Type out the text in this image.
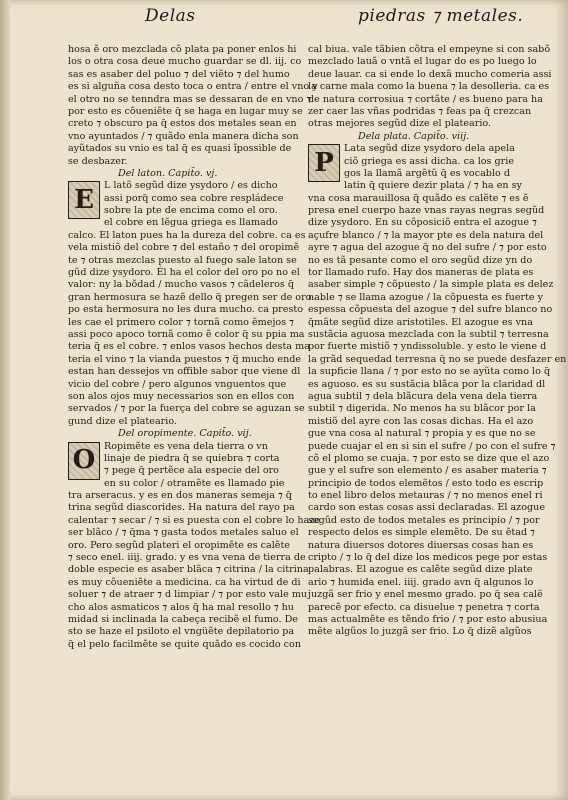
Delas	piedras ⁊ metales.
hosa ẽ oro mezclada cõ plata pa poner enlos hi
los o otra cosa deue mucho guardar se dl. iij. co
sas es asaber del poluo ⁊ del viẽto ⁊ del humo
es si alguña cosa desto toca o entra / entre el vno y
el otro no se tenndra mas se dessaran de en vno ⁊
por esto es cõueniẽte q̃ se haga en lugar muy se
creto ⁊ obscuro pa q̃ estos dos metales sean en
vno ayuntados / ⁊ quãdo enla manera dicha son
ayũtados su vnio es tal q̃ es quasi ĩpossible de
se desbazer.
Del laton. Capit̃o. vj.
E	L latõ segũd dize ysydoro / es dicho
assi porq̃ como sea cobre respládece
sobre la pte de encima como el oro.
el cobre en lẽgua griega es llamado
calco. El laton pues ha la dureza del cobre. ca es
vela mistiõ del cobre ⁊ del estaño ⁊ del oropimẽ
te ⁊ otras mezclas puesto al fuego sale laton se
gũd dize ysydoro. Él ha el color del oro po no el
valor: ny la bõdad / mucho vasos ⁊ cãdeleros q̃
gran hermosura se hazẽ dello q̃ pregen ser de oro
po esta hermosura no les dura mucho. ca presto
les cae el primero color ⁊ tornã como ẽmejos ⁊
assi poco apoco tornã como ẽ color q̃ su ppia ma
teria q̃ es el cobre. ⁊ enlos vasos hechos desta ma
teria el vino ⁊ la vianda puestos ⁊ q̃ mucho ende
estan han dessejos vn offible sabor que viene dl
vicio del cobre / pero algunos vnguentos que
son alos ojos muy necessarios son en ellos con
servados / ⁊ por la fuerça del cobre se aguzan se
gund dize el plateario.
Del oropimente. Capit̃o. vij.
O Ropimẽte es vena dela tierra o vn
linaje de piedra q̃ se quiebra ⁊ corta
⁊ pege q̃ pertẽce ala especie del oro
en su color / otramẽte es llamado pie
tra arseracus. y es en dos maneras semeja ⁊ q̃
trina segũd diascorides. Ha natura del rayo pa
calentar ⁊ secar / ⁊ si es puesta con el cobre lo haze
ser blãco / ⁊ q̃ma ⁊ gasta todos metales saluo el
oro. Pero segũd plateri el oropimẽte es calẽte
⁊ seco enel. iiij. grado. y es vna vena de tierra de
doble especie es asaber blãca ⁊ citrina / la citrina
es muy cõueniẽte a medicina. ca ha virtud de di
soluer ⁊ de atraer ⁊ d limpiar / ⁊ por esto vale mu
cho alos asmaticos ⁊ alos q̃ ha mal resollo ⁊ hu
midad si inclinada la cabeça recibẽ el fumo. De
sto se haze el psiloto el vngüẽte depilatorio pa
q̃ el pelo facilmẽte se quite quãdo es cocido con
cal biua. vale tãbien cõtra el empeyne si con sabõ
mezclado lauã o vntã el lugar do es po luego lo
deue lauar. ca si ende lo dexã mucho comeria assi
la carne mala como la buena ⁊ la desolleria. ca es
de natura corrosiua ⁊ cortãte / es bueno para ha
zer caer las vñas podridas ⁊ feas pa q̃ crezcan
otras mejores segũd dize el plateario.
Dela plata. Capit̃o. viij.
P	Lata segũd dize ysydoro dela apela
ciõ griega es assi dicha. ca los grie
gos la llamã argẽtũ q̃ es vocablo d
latin q̃ quiere dezir plata / ⁊ ha en sy
vna cosa marauillosa q̃ quãdo es calẽte ⁊ es ẽ
presa enel cuerpo haze vnas rayas negras segũd
dize ysydoro. En su cõposiciõ entra el azogue ⁊
açufre blanco / ⁊ la mayor pte es dela natura del
ayre ⁊ agua del azogue q̃ no del sufre / ⁊ por esto
no es tã pesante como el oro segũd dize yn do
tor llamado rufo. Hay dos maneras de plata es
asaber simple ⁊ cõpuesto / la simple plata es delez
nable ⁊ se llama azogue / la cõpuesta es fuerte y
espessa cõpuesta del azogue ⁊ del sufre blanco no
q̃mãte segũd dize aristotiles. El azogue es vna
sustãcia aguosa mezclada con la subtil ⁊ terresna
por fuerte mistiõ ⁊ yndissoluble. y esto le viene d
la grãd sequedad terresna q̃ no se puede desfazer en
la supficie llana / ⁊ por esto no se ayũta como lo q̃
es aguoso. es su sustãcia blãca por la claridad dl
agua subtil ⁊ dela blãcura dela vena dela tierra
subtil ⁊ digerida. No menos ha su blãcor por la
mistiõ del ayre con las cosas dichas. Ha el azo
gue vna cosa al natural ⁊ propia y es que no se
puede cuajar el en si sin el sufre / po con el sufre ⁊
cõ el plomo se cuaja. ⁊ por esto se dize que el azo
gue y el sufre son elemento / es asaber materia ⁊
principio de todos elemẽtos / esto todo es escrip
to enel libro delos metauras / ⁊ no menos enel ri
cardo son estas cosas assi declaradas. El azogue
segũd esto de todos metales es principio / ⁊ por
respecto delos es simple elemẽto. De su ẽtad ⁊
natura diuersos dotores diuersas cosas han es
cripto / ⁊ lo q̃ del dize los medicos pege por estas
palabras. El azogue es calẽte segũd dize plate
ario ⁊ humida enel. iiij. grado avn q̃ algunos lo
juzgã ser frio y enel mesmo grado. po q̃ sea calẽ
parecẽ por efecto. ca disuelue ⁊ penetra ⁊ corta
mas actualmẽte es tẽndo frio / ⁊ por esto abusiua
mẽte algũos lo juzgã ser frio. Lo q̃ dizẽ algũos
